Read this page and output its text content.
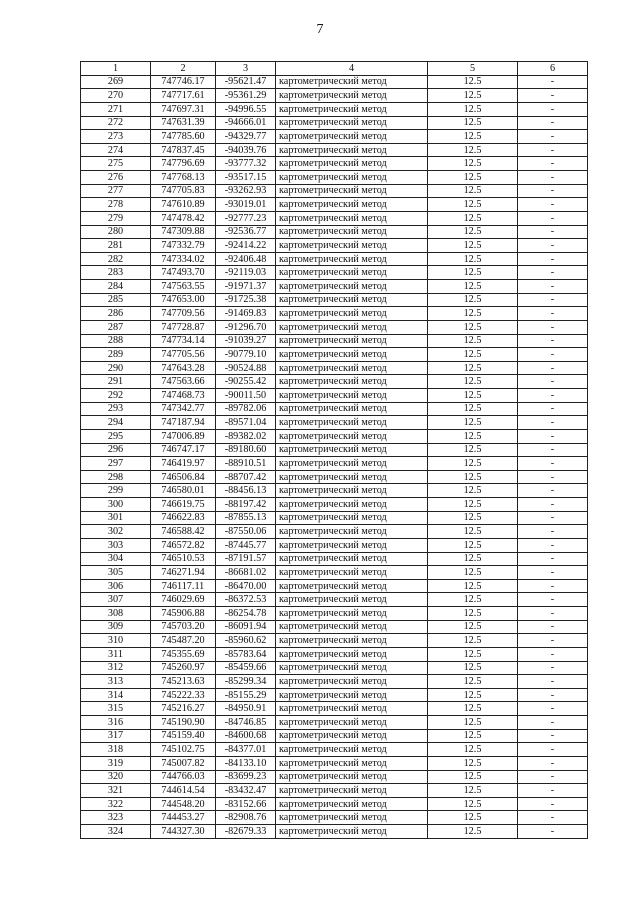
7
1	2	3	4	5	6
269	747746.17	-95621.47	картометрический метод	12.5	-
270	747717.61	-95361.29	картометрический метод	12.5	-
271	747697.31	-94996.55	картометрический метод	12.5	-
272	747631.39	-94666.01	картометрический метод	12.5	-
273	747785.60	-94329.77	картометрический метод	12.5	-
274	747837.45	-94039.76	картометрический метод	12.5	-
275	747796.69	-93777.32	картометрический метод	12.5	-
276	747768.13	-93517.15	картометрический метод	12.5	-
277	747705.83	-93262.93	картометрический метод	12.5	-
278	747610.89	-93019.01	картометрический метод	12.5	-
279	747478.42	-92777.23	картометрический метод	12.5	-
280	747309.88	-92536.77	картометрический метод	12.5	-
281	747332.79	-92414.22	картометрический метод	12.5	-
282	747334.02	-92406.48	картометрический метод	12.5	-
283	747493.70	-92119.03	картометрический метод	12.5	-
284	747563.55	-91971.37	картометрический метод	12.5	-
285	747653.00	-91725.38	картометрический метод	12.5	-
286	747709.56	-91469.83	картометрический метод	12.5	-
287	747728.87	-91296.70	картометрический метод	12.5	-
288	747734.14	-91039.27	картометрический метод	12.5	-
289	747705.56	-90779.10	картометрический метод	12.5	-
290	747643.28	-90524.88	картометрический метод	12.5	-
291	747563.66	-90255.42	картометрический метод	12.5	-
292	747468.73	-90011.50	картометрический метод	12.5	-
293	747342.77	-89782.06	картометрический метод	12.5	-
294	747187.94	-89571.04	картометрический метод	12.5	-
295	747006.89	-89382.02	картометрический метод	12.5	-
296	746747.17	-89180.60	картометрический метод	12.5	-
297	746419.97	-88910.51	картометрический метод	12.5	-
298	746506.84	-88707.42	картометрический метод	12.5	-
299	746580.01	-88456.13	картометрический метод	12.5	-
300	746619.75	-88197.42	картометрический метод	12.5	-
301	746622.83	-87855.13	картометрический метод	12.5	-
302	746588.42	-87550.06	картометрический метод	12.5	-
303	746572.82	-87445.77	картометрический метод	12.5	-
304	746510.53	-87191.57	картометрический метод	12.5	-
305	746271.94	-86681.02	картометрический метод	12.5	-
306	746117.11	-86470.00	картометрический метод	12.5	-
307	746029.69	-86372.53	картометрический метод	12.5	-
308	745906.88	-86254.78	картометрический метод	12.5	-
309	745703.20	-86091.94	картометрический метод	12.5	-
310	745487.20	-85960.62	картометрический метод	12.5	-
311	745355.69	-85783.64	картометрический метод	12.5	-
312	745260.97	-85459.66	картометрический метод	12.5	-
313	745213.63	-85299.34	картометрический метод	12.5	-
314	745222.33	-85155.29	картометрический метод	12.5	-
315	745216.27	-84950.91	картометрический метод	12.5	-
316	745190.90	-84746.85	картометрический метод	12.5	-
317	745159.40	-84600.68	картометрический метод	12.5	-
318	745102.75	-84377.01	картометрический метод	12.5	-
319	745007.82	-84133.10	картометрический метод	12.5	-
320	744766.03	-83699.23	картометрический метод	12.5	-
321	744614.54	-83432.47	картометрический метод	12.5	-
322	744548.20	-83152.66	картометрический метод	12.5	-
323	744453.27	-82908.76	картометрический метод	12.5	-
324	744327.30	-82679.33	картометрический метод	12.5	-
